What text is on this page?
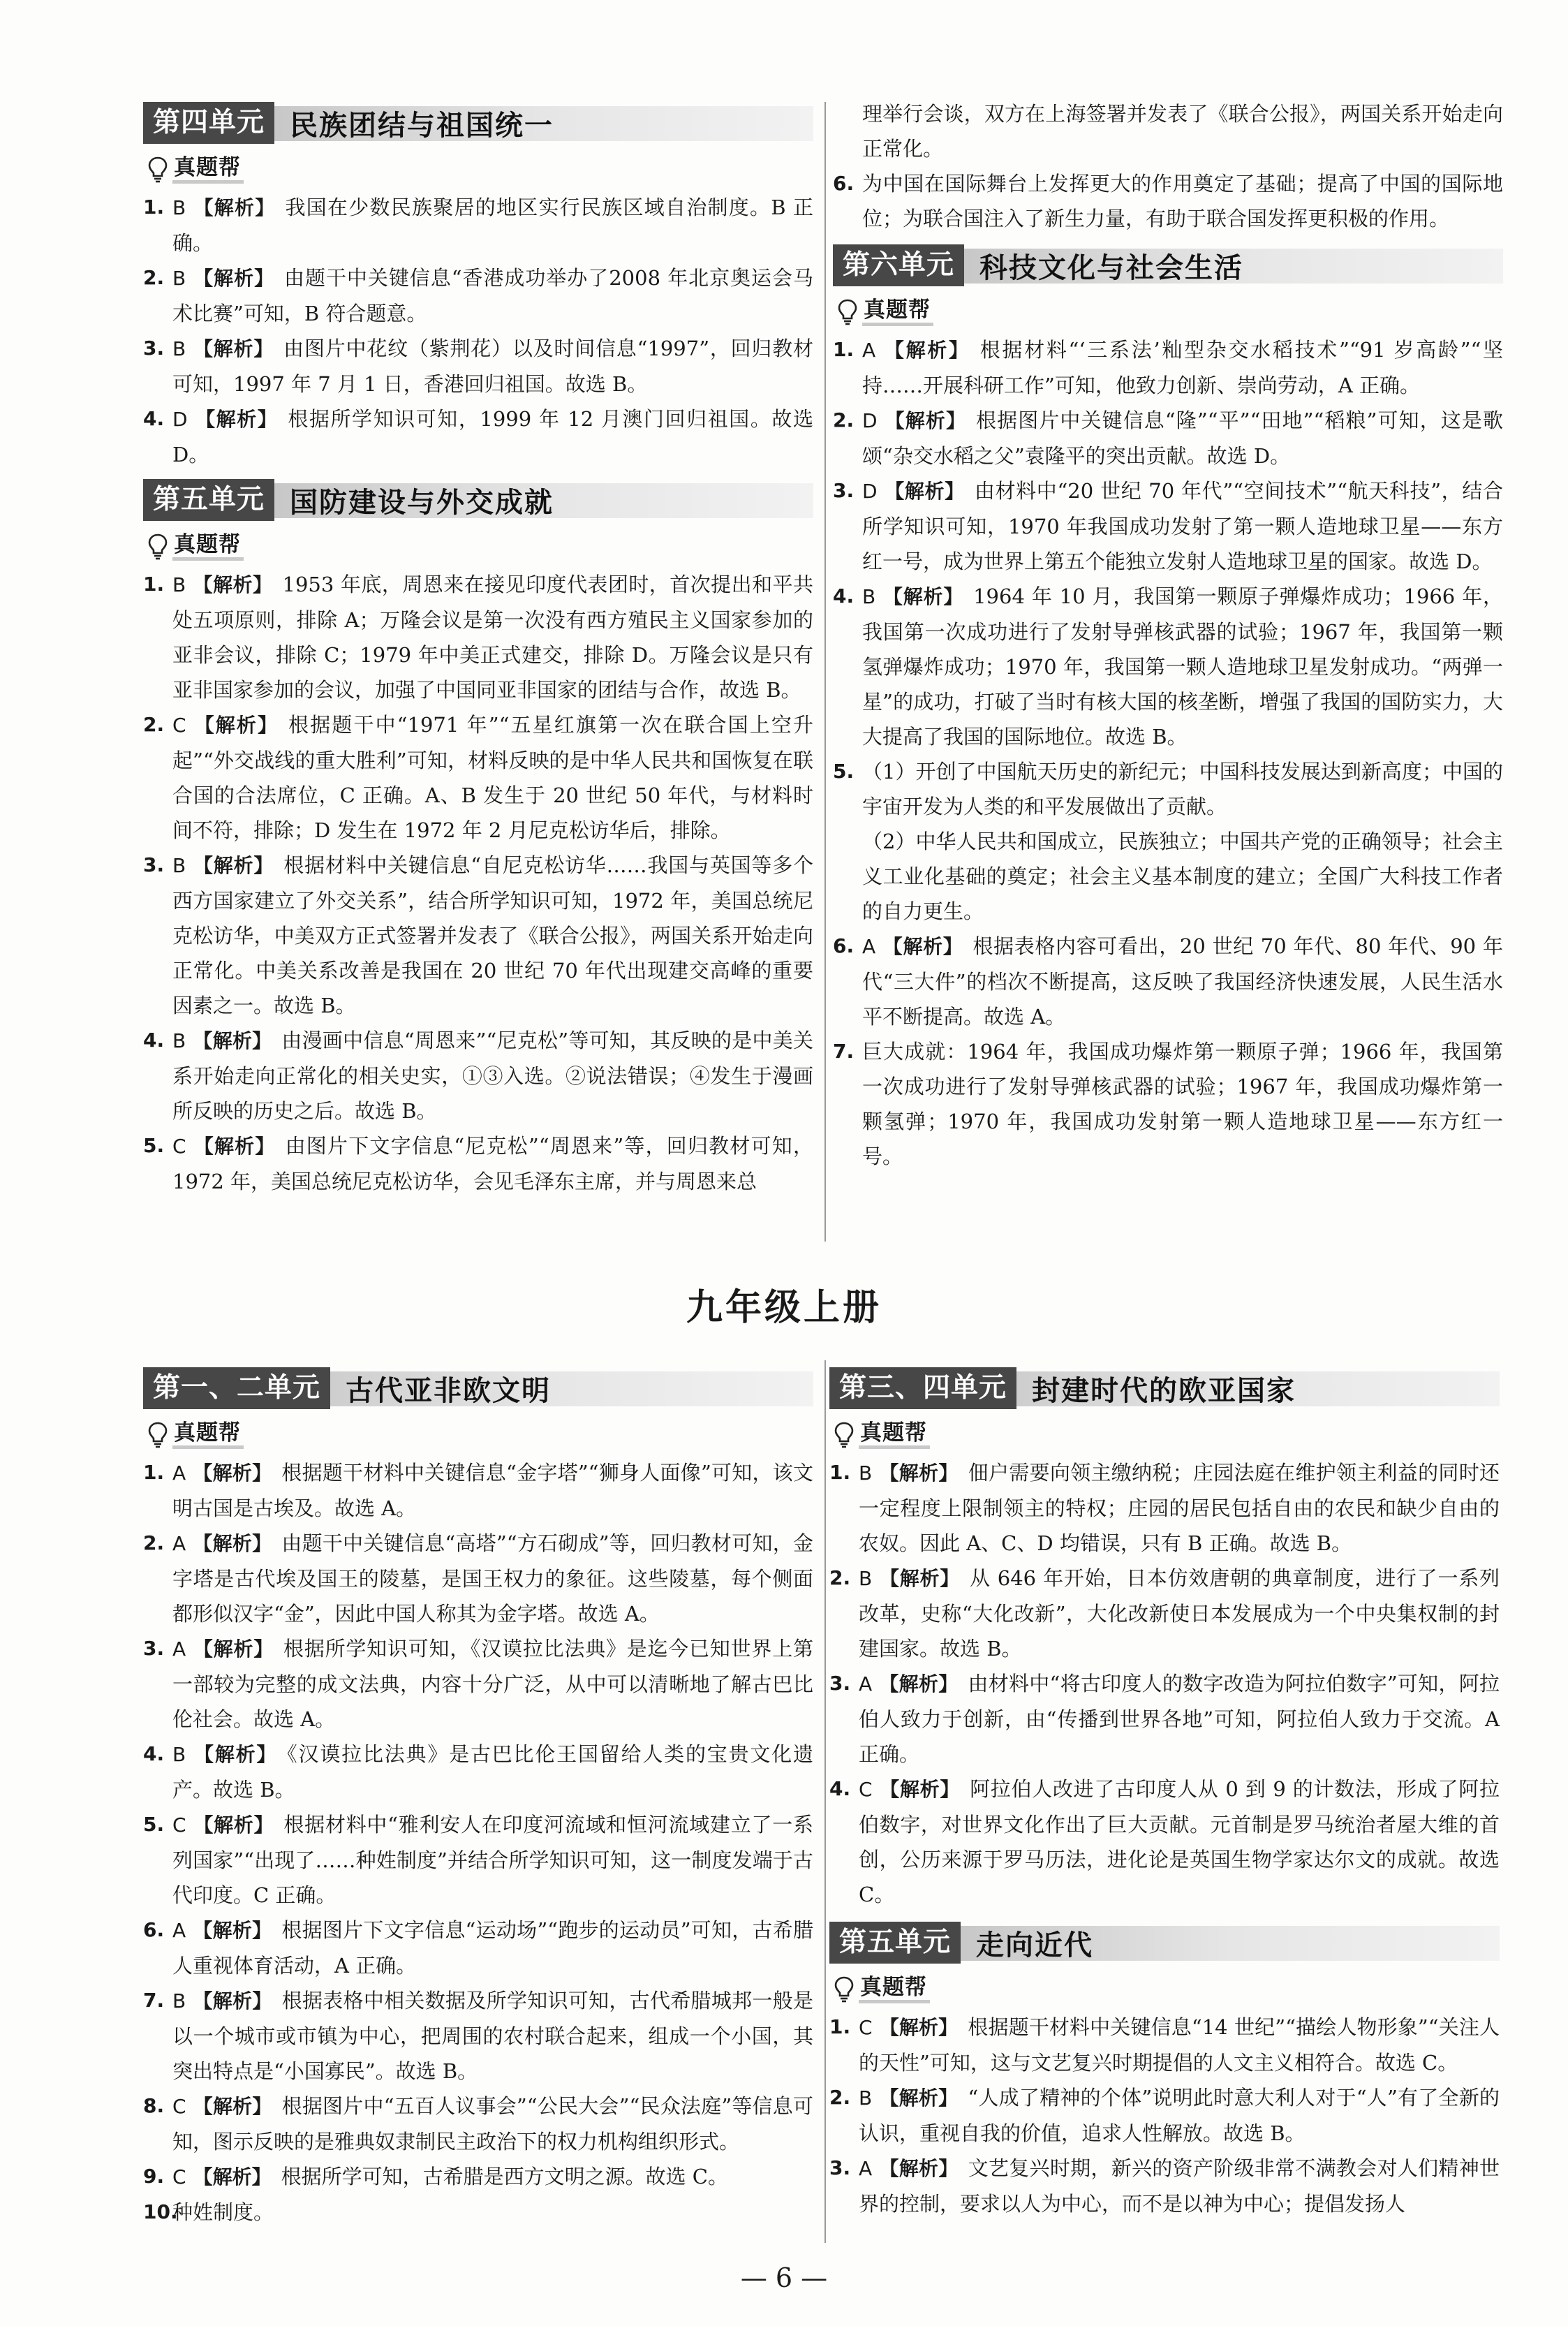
第四单元 民族团结与祖国统一
真题帮
1. B 【解析】 我国在少数民族聚居的地区实行民族区域自治制度。B 正确。
2. B 【解析】 由题干中关键信息“香港成功举办了2008 年北京奥运会马术比赛”可知，B 符合题意。
3. B 【解析】 由图片中花纹（紫荆花）以及时间信息“1997”，回归教材可知，1997 年 7 月 1 日，香港回归祖国。故选 B。
4. D 【解析】 根据所学知识可知，1999 年 12 月澳门回归祖国。故选 D。
第五单元 国防建设与外交成就
真题帮
1. B 【解析】 1953 年底，周恩来在接见印度代表团时，首次提出和平共处五项原则，排除 A；万隆会议是第一次没有西方殖民主义国家参加的亚非会议，排除 C；1979 年中美正式建交，排除 D。万隆会议是只有亚非国家参加的会议，加强了中国同亚非国家的团结与合作，故选 B。
2. C 【解析】 根据题干中“1971 年”“五星红旗第一次在联合国上空升起”“外交战线的重大胜利”可知，材料反映的是中华人民共和国恢复在联合国的合法席位，C 正确。A、B 发生于 20 世纪 50 年代，与材料时间不符，排除；D 发生在 1972 年 2 月尼克松访华后，排除。
3. B 【解析】 根据材料中关键信息“自尼克松访华……我国与英国等多个西方国家建立了外交关系”，结合所学知识可知，1972 年，美国总统尼克松访华，中美双方正式签署并发表了《联合公报》，两国关系开始走向正常化。中美关系改善是我国在 20 世纪 70 年代出现建交高峰的重要因素之一。故选 B。
4. B 【解析】 由漫画中信息“周恩来”“尼克松”等可知，其反映的是中美关系开始走向正常化的相关史实，①③入选。②说法错误；④发生于漫画所反映的历史之后。故选 B。
5. C 【解析】 由图片下文字信息“尼克松”“周恩来”等，回归教材可知，1972 年，美国总统尼克松访华，会见毛泽东主席，并与周恩来总
理举行会谈，双方在上海签署并发表了《联合公报》，两国关系开始走向正常化。
6. 为中国在国际舞台上发挥更大的作用奠定了基础；提高了中国的国际地位；为联合国注入了新生力量，有助于联合国发挥更积极的作用。
第六单元 科技文化与社会生活
真题帮
1. A 【解析】 根据材料“‘三系法’籼型杂交水稻技术”“91 岁高龄”“坚持……开展科研工作”可知，他致力创新、崇尚劳动，A 正确。
2. D 【解析】 根据图片中关键信息“隆”“平”“田地”“稻粮”可知，这是歌颂“杂交水稻之父”袁隆平的突出贡献。故选 D。
3. D 【解析】 由材料中“20 世纪 70 年代”“空间技术”“航天科技”，结合所学知识可知，1970 年我国成功发射了第一颗人造地球卫星——东方红一号，成为世界上第五个能独立发射人造地球卫星的国家。故选 D。
4. B 【解析】 1964 年 10 月，我国第一颗原子弹爆炸成功；1966 年，我国第一次成功进行了发射导弹核武器的试验；1967 年，我国第一颗氢弹爆炸成功；1970 年，我国第一颗人造地球卫星发射成功。“两弹一星”的成功，打破了当时有核大国的核垄断，增强了我国的国防实力，大大提高了我国的国际地位。故选 B。
5. （1）开创了中国航天历史的新纪元；中国科技发展达到新高度；中国的宇宙开发为人类的和平发展做出了贡献。
（2）中华人民共和国成立，民族独立；中国共产党的正确领导；社会主义工业化基础的奠定；社会主义基本制度的建立；全国广大科技工作者的自力更生。
6. A 【解析】 根据表格内容可看出，20 世纪 70 年代、80 年代、90 年代“三大件”的档次不断提高，这反映了我国经济快速发展，人民生活水平不断提高。故选 A。
7. 巨大成就：1964 年，我国成功爆炸第一颗原子弹；1966 年，我国第一次成功进行了发射导弹核武器的试验；1967 年，我国成功爆炸第一颗氢弹；1970 年，我国成功发射第一颗人造地球卫星——东方红一号。
九年级上册
第一、二单元 古代亚非欧文明
真题帮
1. A 【解析】 根据题干材料中关键信息“金字塔”“狮身人面像”可知，该文明古国是古埃及。故选 A。
2. A 【解析】 由题干中关键信息“高塔”“方石砌成”等，回归教材可知，金字塔是古代埃及国王的陵墓，是国王权力的象征。这些陵墓，每个侧面都形似汉字“金”，因此中国人称其为金字塔。故选 A。
3. A 【解析】 根据所学知识可知，《汉谟拉比法典》是迄今已知世界上第一部较为完整的成文法典，内容十分广泛，从中可以清晰地了解古巴比伦社会。故选 A。
4. B 【解析】 《汉谟拉比法典》是古巴比伦王国留给人类的宝贵文化遗产。故选 B。
5. C 【解析】 根据材料中“雅利安人在印度河流域和恒河流域建立了一系列国家”“出现了……种姓制度”并结合所学知识可知，这一制度发端于古代印度。C 正确。
6. A 【解析】 根据图片下文字信息“运动场”“跑步的运动员”可知，古希腊人重视体育活动，A 正确。
7. B 【解析】 根据表格中相关数据及所学知识可知，古代希腊城邦一般是以一个城市或市镇为中心，把周围的农村联合起来，组成一个小国，其突出特点是“小国寡民”。故选 B。
8. C 【解析】 根据图片中“五百人议事会”“公民大会”“民众法庭”等信息可知，图示反映的是雅典奴隶制民主政治下的权力机构组织形式。
9. C 【解析】 根据所学可知，古希腊是西方文明之源。故选 C。
10.
种姓制度。
第三、四单元 封建时代的欧亚国家
真题帮
1. B 【解析】 佃户需要向领主缴纳税；庄园法庭在维护领主利益的同时还一定程度上限制领主的特权；庄园的居民包括自由的农民和缺少自由的农奴。因此 A、C、D 均错误，只有 B 正确。故选 B。
2. B 【解析】 从 646 年开始，日本仿效唐朝的典章制度，进行了一系列改革，史称“大化改新”，大化改新使日本发展成为一个中央集权制的封建国家。故选 B。
3. A 【解析】 由材料中“将古印度人的数字改造为阿拉伯数字”可知，阿拉伯人致力于创新，由“传播到世界各地”可知，阿拉伯人致力于交流。A 正确。
4. C 【解析】 阿拉伯人改进了古印度人从 0 到 9 的计数法，形成了阿拉伯数字，对世界文化作出了巨大贡献。元首制是罗马统治者屋大维的首创，公历来源于罗马历法，进化论是英国生物学家达尔文的成就。故选 C。
第五单元 走向近代
真题帮
1. C 【解析】 根据题干材料中关键信息“14 世纪”“描绘人物形象”“关注人的天性”可知，这与文艺复兴时期提倡的人文主义相符合。故选 C。
2. B 【解析】 “人成了精神的个体”说明此时意大利人对于“人”有了全新的认识，重视自我的价值，追求人性解放。故选 B。
3. A 【解析】 文艺复兴时期，新兴的资产阶级非常不满教会对人们精神世界的控制，要求以人为中心，而不是以神为中心；提倡发扬人
— 6 —
